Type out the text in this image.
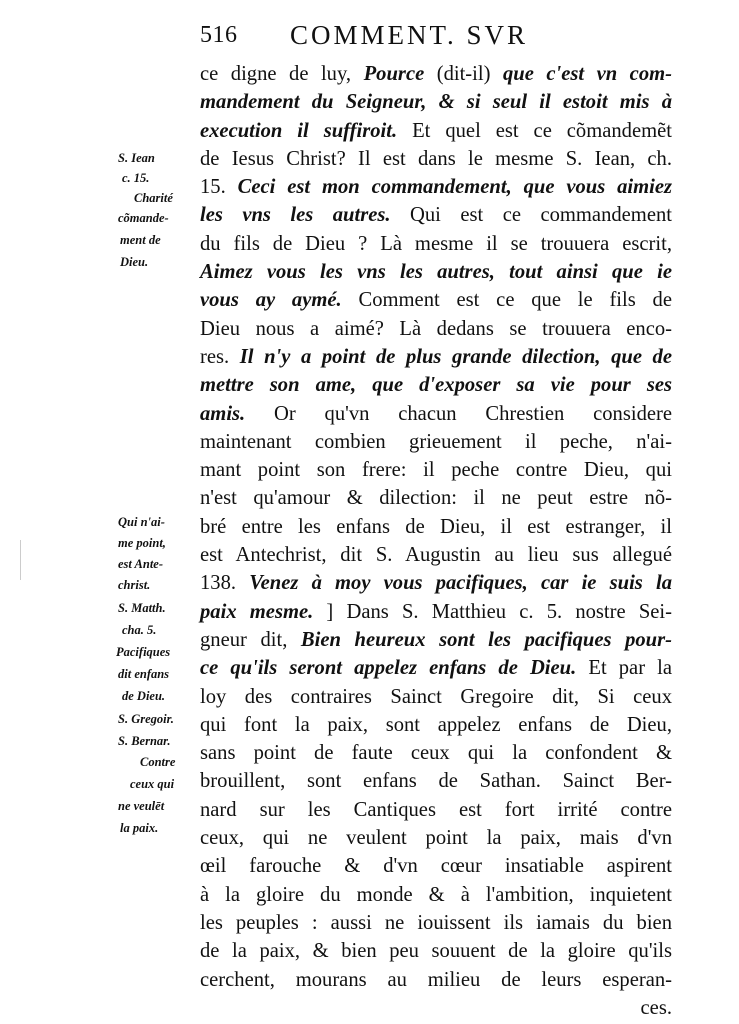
516 COMMENT. SVR
ce digne de luy, Pource (dit-il) que c'est vn com-
mandement du Seigneur, & si seul il estoit mis à
execution il suffiroit. Et quel est ce cõmandemẽt
de Iesus Christ? Il est dans le mesme S. Iean, ch.
15. Ceci est mon commandement, que vous aimiez
les vns les autres. Qui est ce commandement
du fils de Dieu ? Là mesme il se trouuera escrit,
Aimez vous les vns les autres, tout ainsi que ie
vous ay aymé. Comment est ce que le fils de
Dieu nous a aimé? Là dedans se trouuera enco-
res. Il n'y a point de plus grande dilection, que de
mettre son ame, que d'exposer sa vie pour ses
amis. Or qu'vn chacun Chrestien considere
maintenant combien grieuement il peche, n'ai-
mant point son frere: il peche contre Dieu, qui
n'est qu'amour & dilection: il ne peut estre nõ-
bré entre les enfans de Dieu, il est estranger, il
est Antechrist, dit S. Augustin au lieu sus allegué
138. Venez à moy vous pacifiques, car ie suis la
paix mesme. ] Dans S. Matthieu c. 5. nostre Sei-
gneur dit, Bien heureux sont les pacifiques pour-
ce qu'ils seront appelez enfans de Dieu. Et par la
loy des contraires Sainct Gregoire dit, Si ceux
qui font la paix, sont appelez enfans de Dieu,
sans point de faute ceux qui la confondent &
brouillent, sont enfans de Sathan. Sainct Ber-
nard sur les Cantiques est fort irrité contre
ceux, qui ne veulent point la paix, mais d'vn
œil farouche & d'vn cœur insatiable aspirent
à la gloire du monde & à l'ambition, inquietent
les peuples : aussi ne iouissent ils iamais du bien
de la paix, & bien peu souuent de la gloire qu'ils
cerchent, mourans au milieu de leurs esperan-
ces.
S. Iean
c. 15.
Charité
cõmande-
ment de
Dieu.
Qui n'ai-
me point,
est Ante-
christ.
S. Matth.
cha. 5.
Pacifiques
dit enfans
de Dieu.
S. Gregoir.
S. Bernar.
Contre
ceux qui
ne veulēt
la paix.
